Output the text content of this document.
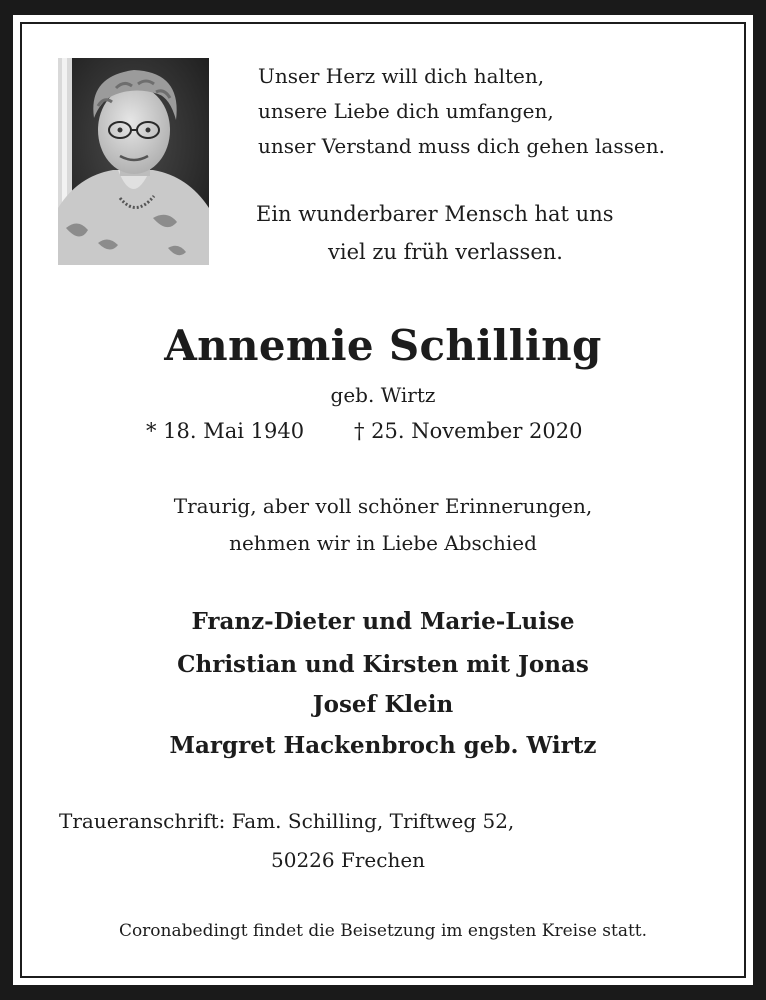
Unser Herz will dich halten,
unsere Liebe dich umfangen,
unser Verstand muss dich gehen lassen.
Ein wunderbarer Mensch hat uns
viel zu früh verlassen.
Annemie Schilling
geb. Wirtz
* 18. Mai 1940 † 25. November 2020
Traurig, aber voll schöner Erinnerungen,
nehmen wir in Liebe Abschied
Franz-Dieter und Marie-Luise
Christian und Kirsten mit Jonas
Josef Klein
Margret Hackenbroch geb. Wirtz
Traueranschrift: Fam. Schilling, Triftweg 52,
50226 Frechen
Coronabedingt findet die Beisetzung im engsten Kreise statt.
